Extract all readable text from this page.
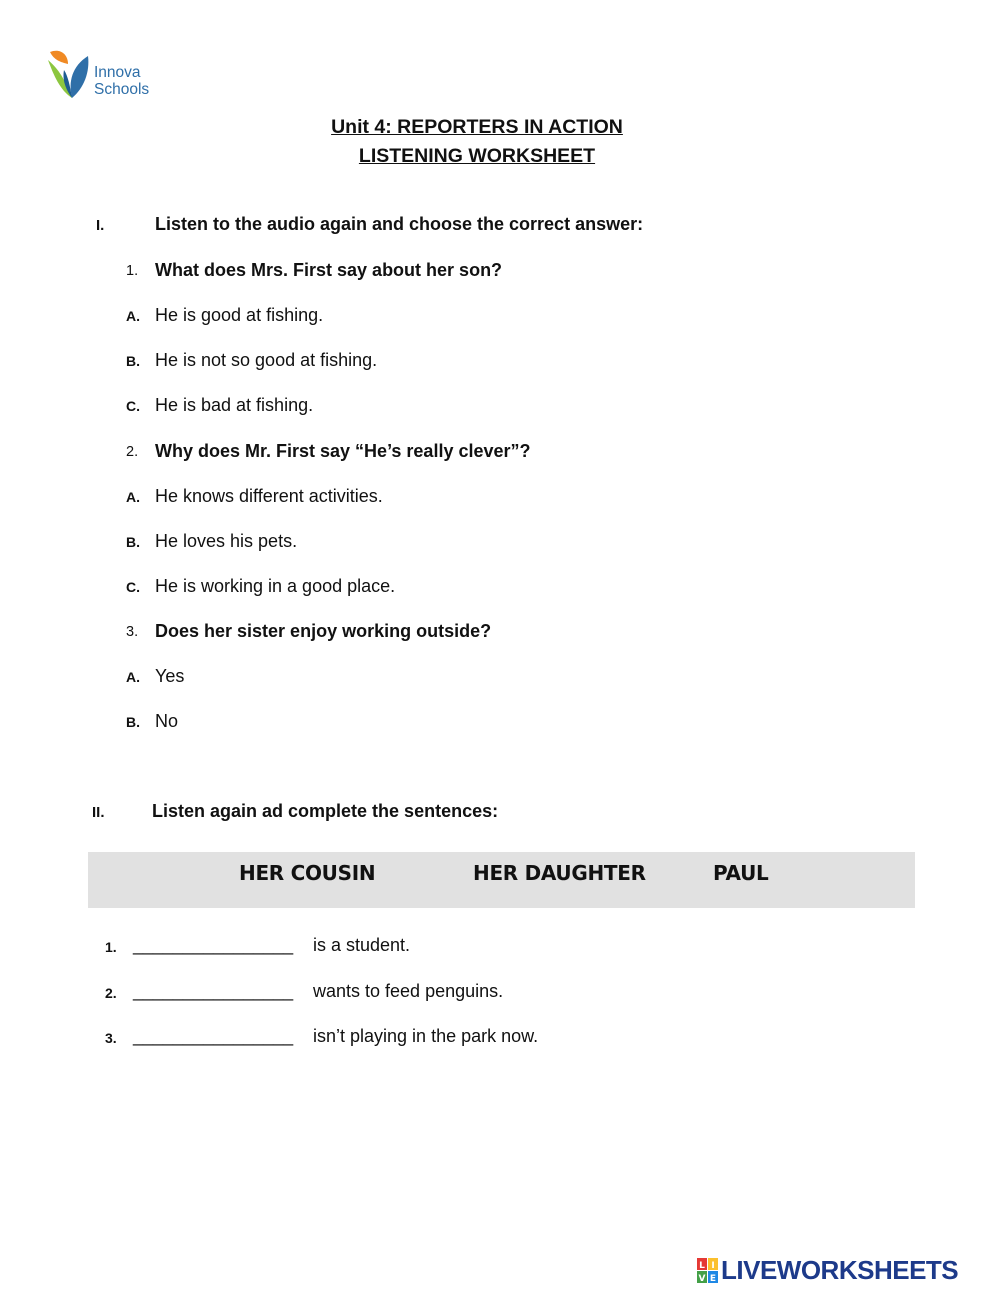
Innova
Schools
Unit 4: REPORTERS IN ACTION
LISTENING WORKSHEET
I.	Listen to the audio again and choose the correct answer:
1. What does Mrs. First say about her son?
A. He is good at fishing.
B. He is not so good at fishing.
C. He is bad at fishing.
2. Why does Mr. First say “He’s really clever”?
A. He knows different activities.
B. He loves his pets.
C. He is working in a good place.
3. Does her sister enjoy working outside?
A. Yes
B. No
II.	Listen again ad complete the sentences:
HER COUSIN	HER DAUGHTER	PAUL
1. ________________ is a student.
2. ________________ wants to feed penguins.
3. ________________ isn’t playing in the park now.
L I
V E LIVEWORKSHEETS
